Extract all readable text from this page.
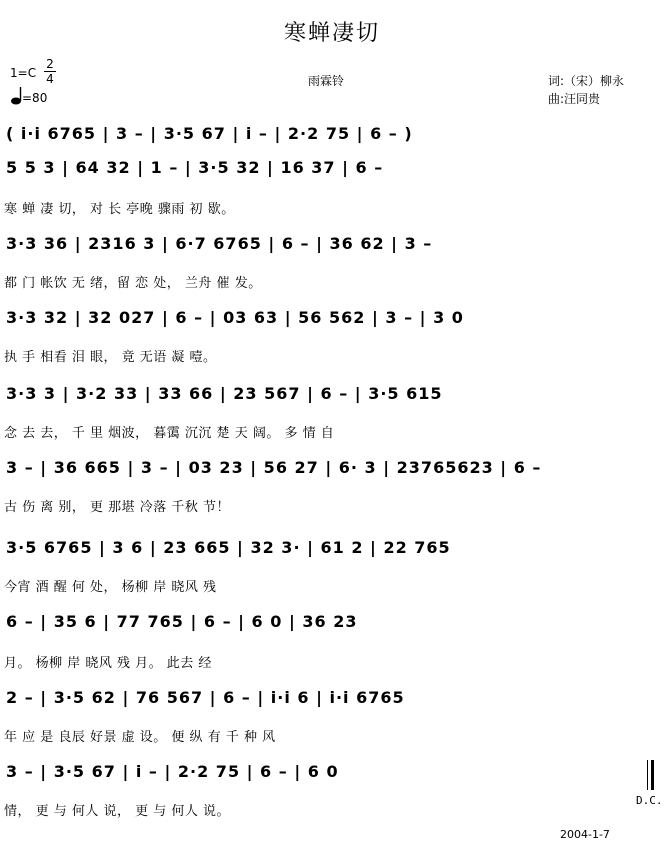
寒蝉凄切
1=C
2
4
=80
雨霖铃	词:（宋）柳永
曲:汪同贵
( i·i 6765 | 3 – | 3·5 67 | i – | 2·2 75 | 6 – )
5 5 3 | 64 32 | 1 – | 3·5 32 | 16 37 | 6 –
寒 蝉 凄 切， 对 长 亭晚 骤雨 初 歇。
3·3 36 | 2316 3 | 6·7 6765 | 6 – | 36 62 | 3 –
都 门 帐饮 无 绪，留 恋 处， 兰舟 催 发。
3·3 32 | 32 027 | 6 – | 03 63 | 56 562 | 3 – | 3 0
执 手 相看 泪 眼， 竟 无语 凝 噎。
3·3 3 | 3·2 33 | 33 66 | 23 567 | 6 – | 3·5 615
念 去 去， 千 里 烟波， 暮霭 沉沉 楚 天 阔。 多 情 自
3 – | 36 665 | 3 – | 03 23 | 56 27 | 6· 3 | 23765623 | 6 –
古 伤 离 别， 更 那堪 冷落 千秋 节！
3·5 6765 | 3 6 | 23 665 | 32 3· | 61 2 | 22 765
今宵 酒 醒 何 处， 杨柳 岸 晓风 残
6 – | 35 6 | 77 765 | 6 – | 6 0 | 36 23
月。 杨柳 岸 晓风 残 月。 此去 经
2 – | 3·5 62 | 76 567 | 6 – | i·i 6 | i·i 6765
年 应 是 良辰 好景 虚 设。 便 纵 有 千 种 风
3 – | 3·5 67 | i – | 2·2 75 | 6 – | 6 0
情， 更 与 何人 说， 更 与 何人 说。
D.C.
2004-1-7
